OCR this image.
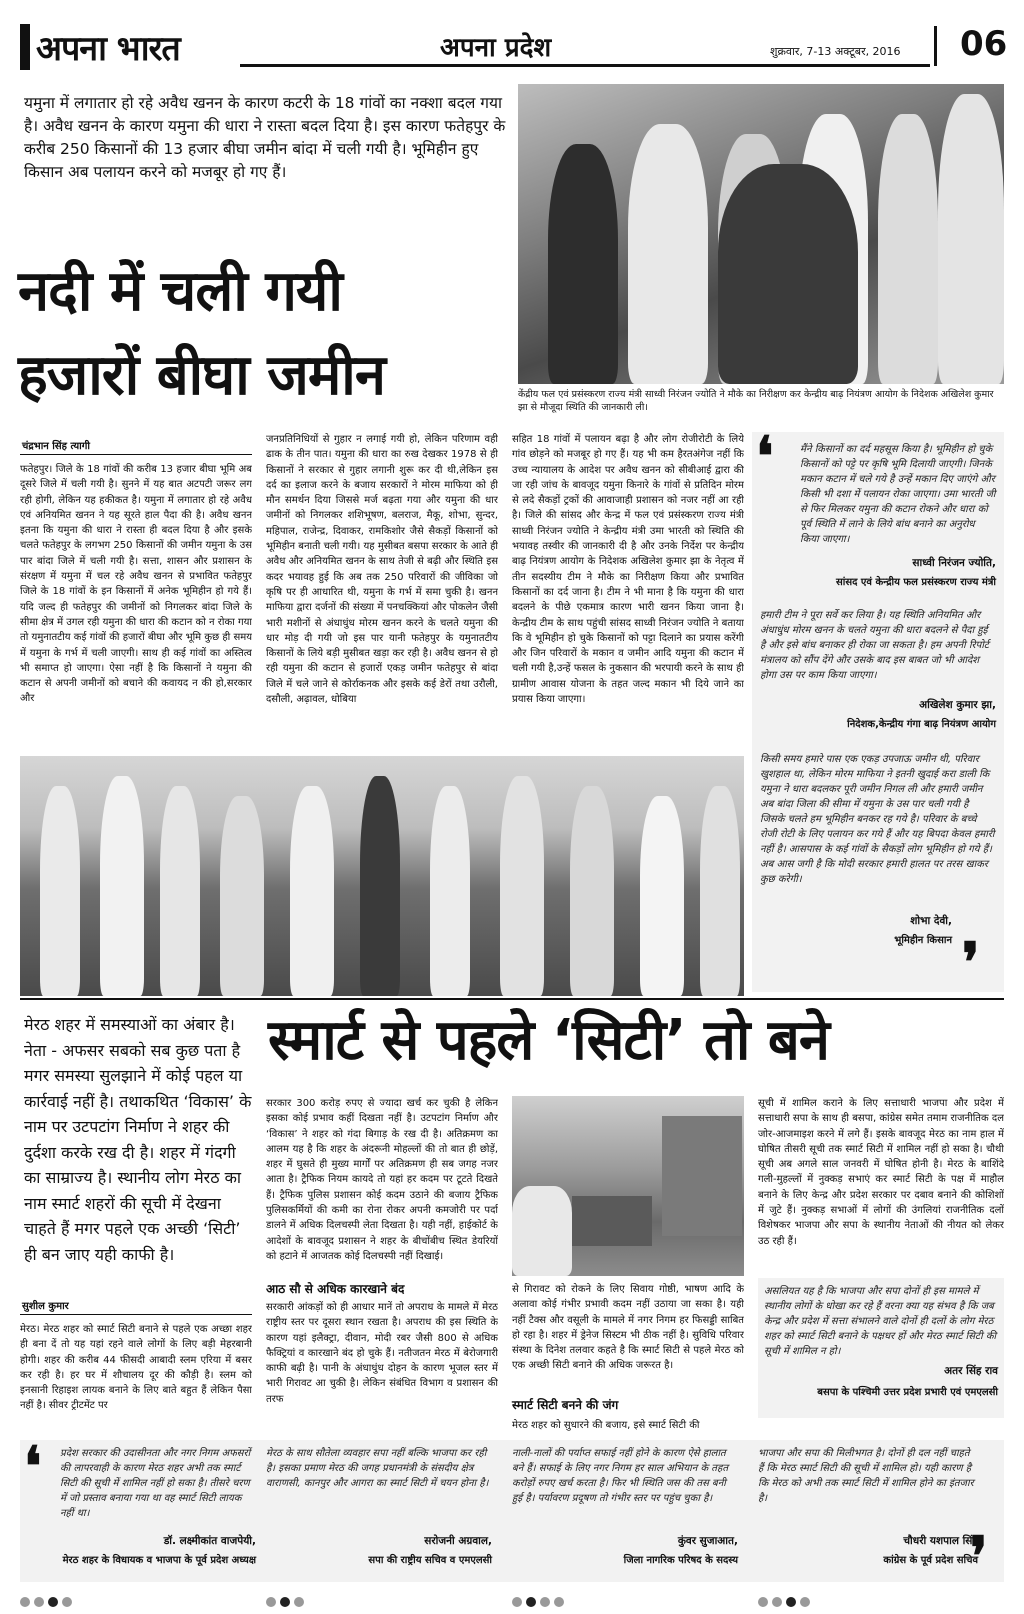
अपना भारत	अपना प्रदेश	शुक्रवार, 7-13 अक्टूबर, 2016 06
यमुना में लगातार हो रहे अवैध खनन के कारण कटरी के 18 गांवों का नक्शा बदल गया है। अवैध खनन के कारण यमुना की धारा ने रास्ता बदल दिया है। इस कारण फतेहपुर के करीब 250 किसानों की 13 हजार बीघा जमीन बांदा में चली गयी है। भूमिहीन हुए किसान अब पलायन करने को मजबूर हो गए हैं।
नदी में चली गयी
हजारों बीघा जमीन	केंद्रीय फल एवं प्रसंस्करण राज्य मंत्री साध्वी निरंजन ज्योति ने मौके का निरीक्षण कर केन्द्रीय बाढ़ नियंत्रण आयोग के निदेशक अखिलेश कुमार झा से मौजूदा स्थिति की जानकारी ली।
चंद्रभान सिंह त्यागी
फतेहपुर। जिले के 18 गांवों की करीब 13 हजार बीघा भूमि अब दूसरे जिले में चली गयी है। सुनने में यह बात अटपटी जरूर लग रही होगी, लेकिन यह हकीकत है। यमुना में लगातार हो रहे अवैध एवं अनियमित खनन ने यह सूरते हाल पैदा की है। अवैध खनन इतना कि यमुना की धारा ने रास्ता ही बदल दिया है और इसके चलते फतेहपुर के लगभग 250 किसानों की जमीन यमुना के उस पार बांदा जिले में चली गयी है। सत्ता, शासन और प्रशासन के संरक्षण में यमुना में चल रहे अवैध खनन से प्रभावित फतेहपुर जिले के 18 गांवों के इन किसानों में अनेक भूमिहीन हो गये हैं। यदि जल्द ही फतेहपुर की जमीनों को निगलकर बांदा जिले के सीमा क्षेत्र में उगल रही यमुना की धारा की कटान को न रोका गया तो यमुनातटीय कई गांवों की हजारों बीघा और भूमि कुछ ही समय में यमुना के गर्भ में चली जाएगी। साथ ही कई गांवों का अस्तित्व भी समाप्त हो जाएगा। ऐसा नहीं है कि किसानों ने यमुना की कटान से अपनी जमीनों को बचाने की कवायद न की हो,सरकार और
जनप्रतिनिधियों से गुहार न लगाई गयी हो, लेकिन परिणाम वही ढाक के तीन पात। यमुना की धारा का रुख देखकर 1978 से ही किसानों ने सरकार से गुहार लगानी शुरू कर दी थी,लेकिन इस दर्द का इलाज करने के बजाय सरकारों ने मोरम माफिया को ही मौन समर्थन दिया जिससे मर्ज बढ़ता गया और यमुना की धार जमीनों को निगलकर शशिभूषण, बलराज, मैकू, शोभा, सुन्दर, महिपाल, राजेन्द्र, दिवाकर, रामकिशोर जैसे सैकड़ों किसानों को भूमिहीन बनाती चली गयी। यह मुसीबत बसपा सरकार के आते ही अवैध और अनियमित खनन के साथ तेजी से बढ़ी और स्थिति इस कदर भयावह हुई कि अब तक 250 परिवारों की जीविका जो कृषि पर ही आधारित थी, यमुना के गर्भ में समा चुकी है। खनन माफिया द्वारा दर्जनों की संख्या में पनचक्कियां और पोकलेन जैसी भारी मशीनों से अंधाधुंध मोरम खनन करने के चलते यमुना की धार मोड़ दी गयी जो इस पार यानी फतेहपुर के यमुनातटीय किसानों के लिये बड़ी मुसीबत खड़ा कर रही है। अवैध खनन से हो रही यमुना की कटान से हजारों एकड़ जमीन फतेहपुर से बांदा जिले में चले जाने से कोर्राकनक और इसके कई डेरों तथा उरौली, दसौली, अढ़ावल, धोबिया
सहित 18 गांवों में पलायन बढ़ा है और लोग रोजीरोटी के लिये गांव छोड़ने को मजबूर हो गए हैं। यह भी कम हैरतअंगेज नहीं कि उच्च न्यायालय के आदेश पर अवैध खनन को सीबीआई द्वारा की जा रही जांच के बावजूद यमुना किनारे के गांवों से प्रतिदिन मोरम से लदे सैकड़ों ट्रकों की आवाजाही प्रशासन को नजर नहीं आ रही है। जिले की सांसद और केन्द्र में फल एवं प्रसंस्करण राज्य मंत्री साध्वी निरंजन ज्योति ने केन्द्रीय मंत्री उमा भारती को स्थिति की भयावह तस्वीर की जानकारी दी है और उनके निर्देश पर केन्द्रीय बाढ़ नियंत्रण आयोग के निदेशक अखिलेश कुमार झा के नेतृत्व में तीन सदस्यीय टीम ने मौके का निरीक्षण किया और प्रभावित किसानों का दर्द जाना है। टीम ने भी माना है कि यमुना की धारा बदलने के पीछे एकमात्र कारण भारी खनन किया जाना है। केन्द्रीय टीम के साथ पहुंची सांसद साध्वी निरंजन ज्योति ने बताया कि वे भूमिहीन हो चुके किसानों को पट्टा दिलाने का प्रयास करेंगी और जिन परिवारों के मकान व जमीन आदि यमुना की कटान में चली गयी है,उन्हें फसल के नुकसान की भरपायी करने के साथ ही ग्रामीण आवास योजना के तहत जल्द मकान भी दिये जाने का प्रयास किया जाएगा।
❛	मैंने किसानों का दर्द महसूस किया है। भूमिहीन हो चुके किसानों को पट्टे पर कृषि भूमि दिलायी जाएगी। जिनके मकान कटान में चले गये है उन्हें मकान दिए जाएंगे और किसी भी दशा में पलायन रोका जाएगा। उमा भारती जी से फिर मिलकर यमुना की कटान रोकने और धारा को पूर्व स्थिति में लाने के लिये बांध बनाने का अनुरोध किया जाएगा।
साध्वी निरंजन ज्योति,
सांसद एवं केन्द्रीय फल प्रसंस्करण राज्य मंत्री
हमारी टीम ने पूरा सर्वे कर लिया है। यह स्थिति अनियमित और अंधाधुंध मोरम खनन के चलते यमुना की धारा बदलने से पैदा हुई है और इसे बांध बनाकर ही रोका जा सकता है। हम अपनी रिपोर्ट मंत्रालय को सौंप देंगे और उसके बाद इस बाबत जो भी आदेश होगा उस पर काम किया जाएगा।
अखिलेश कुमार झा,
निदेशक,केन्द्रीय गंगा बाढ़ नियंत्रण आयोग
किसी समय हमारे पास एक एकड़ उपजाऊ जमीन थी, परिवार खुशहाल था, लेकिन मोरम माफिया ने इतनी खुदाई करा डाली कि यमुना ने धारा बदलकर पूरी जमीन निगल ली और हमारी जमीन अब बांदा जिला की सीमा में यमुना के उस पार चली गयी है जिसके चलते हम भूमिहीन बनकर रह गये है। परिवार के बच्चे रोजी रोटी के लिए पलायन कर गये हैं और यह बिपदा केवल हमारी नहीं है। आसपास के कई गांवों के सैकड़ों लोग भूमिहीन हो गये हैं। अब आस जगी है कि मोदी सरकार हमारी हालत पर तरस खाकर कुछ करेगी।
शोभा देवी,
भूमिहीन किसान ❜
मेरठ शहर में समस्याओं का अंबार है। नेता - अफसर सबको सब कुछ पता है मगर समस्या सुलझाने में कोई पहल या कार्रवाई नहीं है। तथाकथित ‘विकास’ के नाम पर उटपटांग निर्माण ने शहर की दुर्दशा करके रख दी है। शहर में गंदगी का साम्राज्य है। स्थानीय लोग मेरठ का नाम स्मार्ट शहरों की सूची में देखना चाहते हैं मगर पहले एक अच्छी ‘सिटी’ ही बन जाए यही काफी है।
स्मार्ट से पहले ‘सिटी’ तो बने
सुशील कुमार
मेरठ। मेरठ शहर को स्मार्ट सिटी बनाने से पहले एक अच्छा शहर ही बना दें तो यह यहां रहने वाले लोगों के लिए बड़ी मेहरबानी होगी। शहर की करीब 44 फीसदी आबादी स्लम एरिया में बसर कर रही है। हर घर में शौचालय दूर की कौड़ी है। स्लम को इनसानी रिहाइश लायक बनाने के लिए बाते बहुत हैं लेकिन पैसा नहीं है। सीवर ट्रीटमेंट पर
सरकार 300 करोड़ रुपए से ज्यादा खर्च कर चुकी है लेकिन इसका कोई प्रभाव कहीं दिखता नहीं है। उटपटांग निर्माण और ‘विकास’ ने शहर को गंदा बिगाड़ के रख दी है। अतिक्रमण का आलम यह है कि शहर के अंदरूनी मोहल्लों की तो बात ही छोड़ें, शहर में घुसते ही मुख्य मार्गों पर अतिक्रमण ही सब जगह नजर आता है। ट्रैफिक नियम कायदे तो यहां हर कदम पर टूटते दिखते हैं। ट्रैफिक पुलिस प्रशासन कोई कदम उठाने की बजाय ट्रैफिक पुलिसकर्मियों की कमी का रोना रोकर अपनी कमजोरी पर पर्दा डालने में अधिक दिलचस्पी लेता दिखता है। यही नहीं, हाईकोर्ट के आदेशों के बावजूद प्रशासन ने शहर के बीचोंबीच स्थित डेयरियों को हटाने में आजतक कोई दिलचस्पी नहीं दिखाई।
आठ सौ से अधिक कारखाने बंद
सरकारी आंकड़ों को ही आधार मानें तो अपराध के मामले में मेरठ राष्ट्रीय स्तर पर दूसरा स्थान रखता है। अपराध की इस स्थिति के कारण यहां इलैक्ट्रा, दीवान, मोदी रबर जैसी 800 से अधिक फैक्ट्रियां व कारखाने बंद हो चुके हैं। नतीजतन मेरठ में बेरोजगारी काफी बढ़ी है। पानी के अंधाधुंध दोहन के कारण भूजल स्तर में भारी गिरावट आ चुकी है। लेकिन संबंधित विभाग व प्रशासन की तरफ
से गिरावट को रोकने के लिए सिवाय गोष्ठी, भाषण आदि के अलावा कोई गंभीर प्रभावी कदम नहीं उठाया जा सका है। यही नहीं टैक्स और वसूली के मामले में नगर निगम हर फिसड्डी साबित हो रहा है। शहर में ड्रेनेज सिस्टम भी ठीक नहीं है। सुविधि परिवार संस्था के दिनेश तलवार कहते है कि स्मार्ट सिटी से पहले मेरठ को एक अच्छी सिटी बनाने की अधिक जरूरत है।
स्मार्ट सिटी बनने की जंग
मेरठ शहर को सुधारने की बजाय, इसे स्मार्ट सिटी की
सूची में शामिल कराने के लिए सत्ताधारी भाजपा और प्रदेश में सत्ताधारी सपा के साथ ही बसपा, कांग्रेस समेत तमाम राजनीतिक दल जोर-आजमाइश करने में लगे हैं। इसके बावजूद मेरठ का नाम हाल में घोषित तीसरी सूची तक स्मार्ट सिटी में शामिल नहीं हो सका है। चौथी सूची अब अगले साल जनवरी में घोषित होनी है। मेरठ के बाशिंदे गली-मुहल्लों में नुक्कड़ सभाएं कर स्मार्ट सिटी के पक्ष में माहौल बनाने के लिए केन्द्र और प्रदेश सरकार पर दबाव बनाने की कोशिशों में जुटे हैं। नुक्कड़ सभाओं में लोगों की उंगलियां राजनीतिक दलों विशेषकर भाजपा और सपा के स्थानीय नेताओं की नीयत को लेकर उठ रही हैं।
असलियत यह है कि भाजपा और सपा दोनों ही इस मामले में स्थानीय लोगों के धोखा कर रहे हैं वरना क्या यह संभव है कि जब केन्द्र और प्रदेश में सत्ता संभालने वाले दोनों ही दलों के लोग मेरठ शहर को स्मार्ट सिटी बनाने के पक्षधर हों और मेरठ स्मार्ट सिटी की सूची में शामिल न हो।
अतर सिंह राव
बसपा के पश्चिमी उत्तर प्रदेश प्रभारी एवं एमएलसी
❛ प्रदेश सरकार की उदासीनता और नगर निगम अफसरों की लापरवाही के कारण मेरठ शहर अभी तक स्मार्ट सिटी की सूची में शामिल नहीं हो सका है। तीसरे चरण में जो प्रस्ताव बनाया गया था वह स्मार्ट सिटी लायक नहीं था।
डॉ. लक्ष्मीकांत वाजपेयी,
मेरठ शहर के विधायक व भाजपा के पूर्व प्रदेश अध्यक्ष
मेरठ के साथ सौतेला व्यवहार सपा नहीं बल्कि भाजपा कर रही है। इसका प्रमाण मेरठ की जगह प्रधानमंत्री के संसदीय क्षेत्र वाराणसी, कानपुर और आगरा का स्मार्ट सिटी में चयन होना है।
सरोजनी अग्रवाल,
सपा की राष्ट्रीय सचिव व एमएलसी
नाली-नालों की पर्याप्त सफाई नहीं होने के कारण ऐसे हालात बने हैं। सफाई के लिए नगर निगम हर साल अभियान के तहत करोड़ों रुपए खर्च करता है। फिर भी स्थिति जस की तस बनी हुई है। पर्यावरण प्रदूषण तो गंभीर स्तर पर पहुंच चुका है।
कुंवर सुजाआत,
जिला नागरिक परिषद के सदस्य
भाजपा और सपा की मिलीभगत है। दोनों ही दल नहीं चाहते हैं कि मेरठ स्मार्ट सिटी की सूची में शामिल हो। यही कारण है कि मेरठ को अभी तक स्मार्ट सिटी में शामिल होने का इंतजार है।
चौधरी यशपाल सिंह
कांग्रेस के पूर्व प्रदेश सचिव
❜
